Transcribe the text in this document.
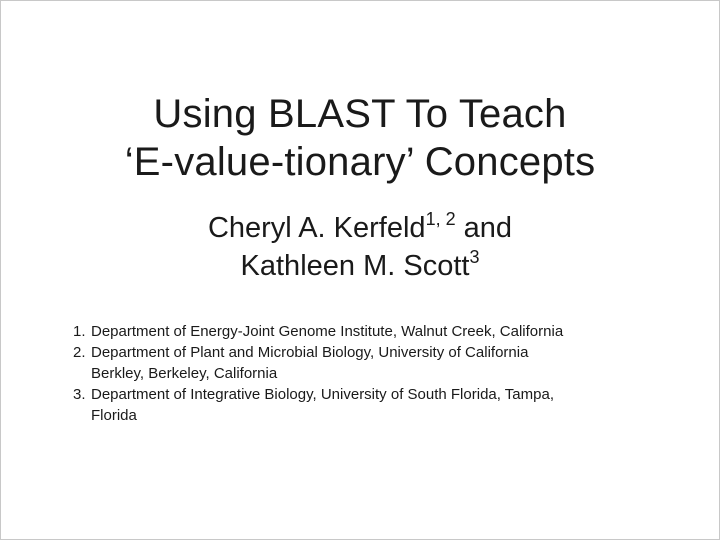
Using BLAST To Teach
‘E-value-tionary’ Concepts
Cheryl A. Kerfeld$^{1, 2}$ and
Kathleen M. Scott$^3$
1. Department of Energy-Joint Genome Institute, Walnut Creek, California
2. Department of Plant and Microbial Biology, University of California
Berkley, Berkeley, California
3. Department of Integrative Biology, University of South Florida, Tampa,
Florida
